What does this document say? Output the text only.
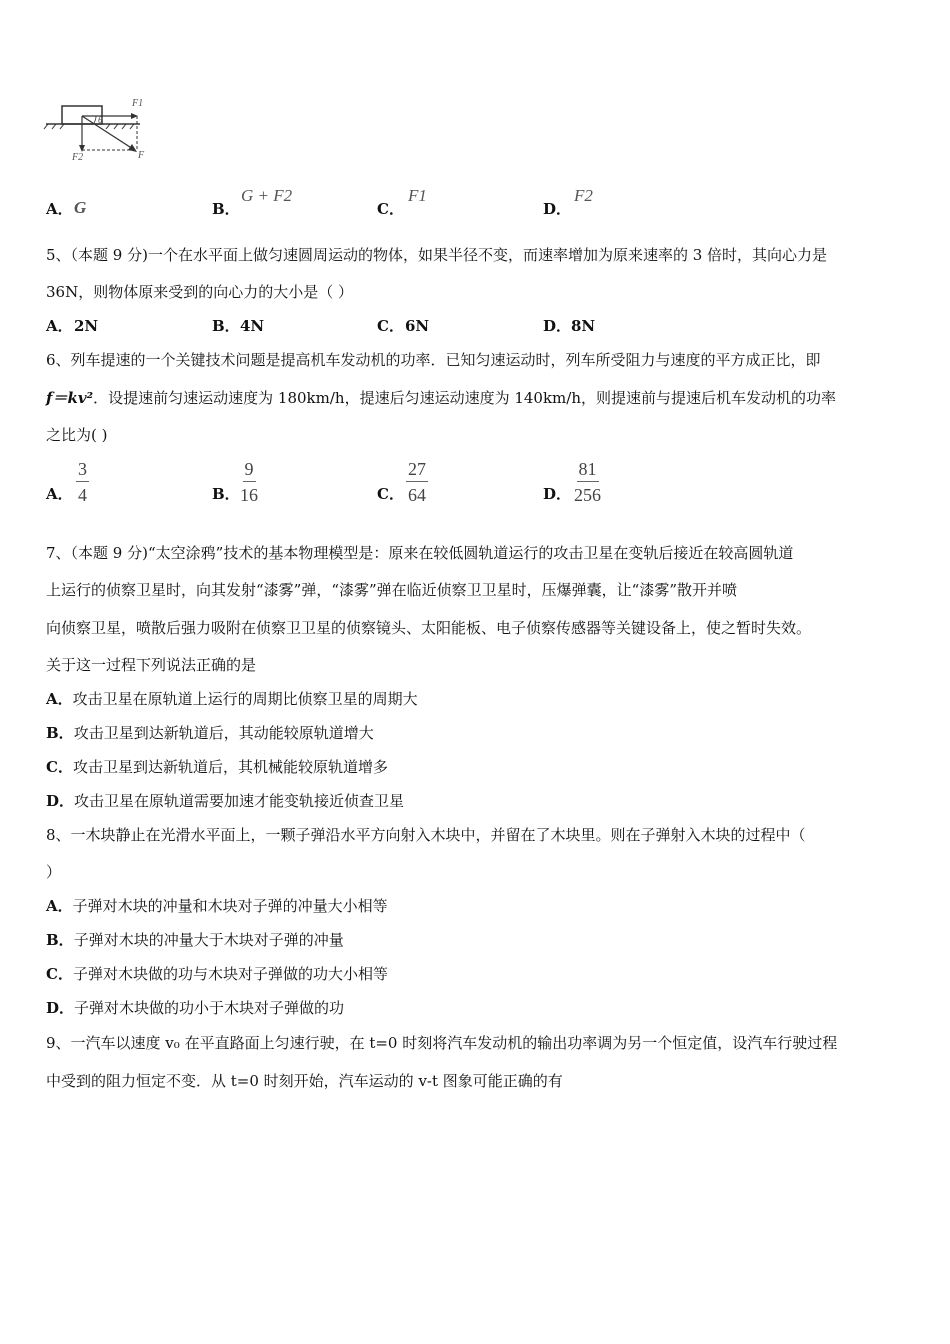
F1
θ
F2	F
A． G	B．
G + F2
C．
F1
D．
F2
5、（本题 9 分)一个在水平面上做匀速圆周运动的物体，如果半径不变，而速率增加为原来速率的 3 倍时，其向心力是
36N，则物体原来受到的向心力的大小是（ ）
A． 2N	B． 4N	C． 6N	D． 8N
6、列车提速的一个关键技术问题是提高机车发动机的功率．已知匀速运动时，列车所受阻力与速度的平方成正比，即
f＝kv²．设提速前匀速运动速度为 180km/h，提速后匀速运动速度为 140km/h，则提速前与提速后机车发动机的功率
之比为( )
A． $\frac{3}{4}$	B． $\frac{9}{16}$	C． $\frac{27}{64}$	D． $\frac{81}{256}$
7、（本题 9 分)“太空涂鸦”技术的基本物理模型是：原来在较低圆轨道运行的攻击卫星在变轨后接近在较高圆轨道
上运行的侦察卫星时，向其发射“漆雾”弹，“漆雾”弹在临近侦察卫卫星时，压爆弹囊，让“漆雾”散开并喷
向侦察卫星，喷散后强力吸附在侦察卫卫星的侦察镜头、太阳能板、电子侦察传感器等关键设备上，使之暂时失效。
关于这一过程下列说法正确的是
A．攻击卫星在原轨道上运行的周期比侦察卫星的周期大
B．攻击卫星到达新轨道后，其动能较原轨道增大
C．攻击卫星到达新轨道后，其机械能较原轨道增多
D．攻击卫星在原轨道需要加速才能变轨接近侦查卫星
8、一木块静止在光滑水平面上，一颗子弹沿水平方向射入木块中，并留在了木块里。则在子弹射入木块的过程中（
）
A．子弹对木块的冲量和木块对子弹的冲量大小相等
B．子弹对木块的冲量大于木块对子弹的冲量
C．子弹对木块做的功与木块对子弹做的功大小相等
D．子弹对木块做的功小于木块对子弹做的功
9、一汽车以速度 v₀ 在平直路面上匀速行驶，在 t=0 时刻将汽车发动机的输出功率调为另一个恒定值，设汽车行驶过程
中受到的阻力恒定不变．从 t=0 时刻开始，汽车运动的 v-t 图象可能正确的有
